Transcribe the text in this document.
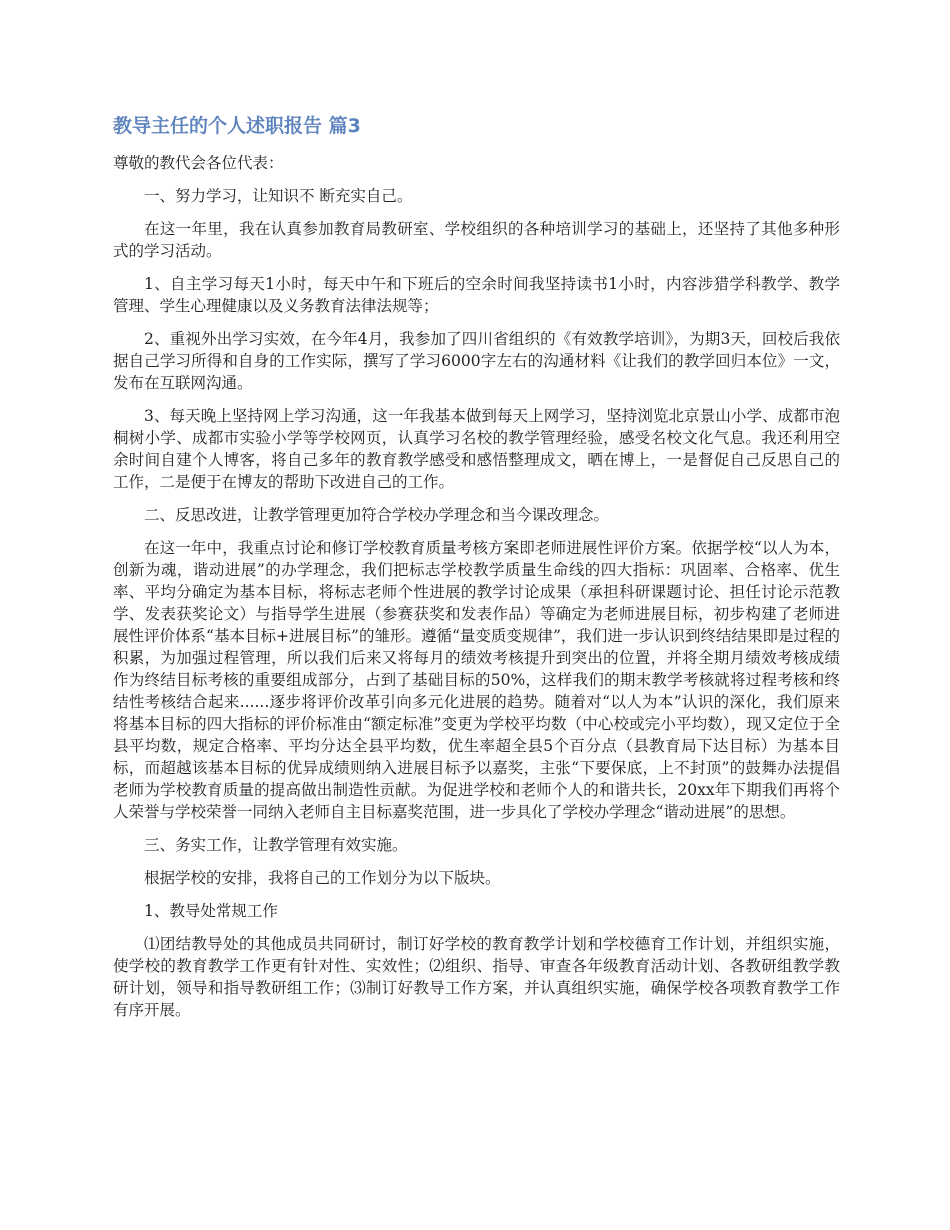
教导主任的个人述职报告 篇3

尊敬的教代会各位代表：

一、努力学习，让知识不 断充实自己。

在这一年里，我在认真参加教育局教研室、学校组织的各种培训学习的基础上，还坚持了其他多种形式的学习活动。

1、自主学习每天1小时，每天中午和下班后的空余时间我坚持读书1小时，内容涉猎学科教学、教学管理、学生心理健康以及义务教育法律法规等；

2、重视外出学习实效，在今年4月，我参加了四川省组织的《有效教学培训》，为期3天，回校后我依据自己学习所得和自身的工作实际，撰写了学习6000字左右的沟通材料《让我们的教学回归本位》一文，发布在互联网沟通。

3、每天晚上坚持网上学习沟通，这一年我基本做到每天上网学习，坚持浏览北京景山小学、成都市泡桐树小学、成都市实验小学等学校网页，认真学习名校的教学管理经验，感受名校文化气息。我还利用空余时间自建个人博客，将自己多年的教育教学感受和感悟整理成文，晒在博上，一是督促自己反思自己的工作，二是便于在博友的帮助下改进自己的工作。

二、反思改进，让教学管理更加符合学校办学理念和当今课改理念。

在这一年中，我重点讨论和修订学校教育质量考核方案即老师进展性评价方案。依据学校“以人为本，创新为魂，谐动进展”的办学理念，我们把标志学校教学质量生命线的四大指标：巩固率、合格率、优生率、平均分确定为基本目标，将标志老师个性进展的教学讨论成果（承担科研课题讨论、担任讨论示范教学、发表获奖论文）与指导学生进展（参赛获奖和发表作品）等确定为老师进展目标，初步构建了老师进展性评价体系“基本目标+进展目标”的雏形。遵循“量变质变规律”，我们进一步认识到终结结果即是过程的积累，为加强过程管理，所以我们后来又将每月的绩效考核提升到突出的位置，并将全期月绩效考核成绩作为终结目标考核的重要组成部分，占到了基础目标的50%，这样我们的期末教学考核就将过程考核和终结性考核结合起来......逐步将评价改革引向多元化进展的趋势。随着对“以人为本”认识的深化，我们原来将基本目标的四大指标的评价标准由“额定标准”变更为学校平均数（中心校或完小平均数），现又定位于全县平均数，规定合格率、平均分达全县平均数，优生率超全县5个百分点（县教育局下达目标）为基本目标，而超越该基本目标的优异成绩则纳入进展目标予以嘉奖，主张“下要保底，上不封顶”的鼓舞办法提倡老师为学校教育质量的提高做出制造性贡献。为促进学校和老师个人的和谐共长，20xx年下期我们再将个人荣誉与学校荣誉一同纳入老师自主目标嘉奖范围，进一步具化了学校办学理念“谐动进展”的思想。

三、务实工作，让教学管理有效实施。

根据学校的安排，我将自己的工作划分为以下版块。

1、教导处常规工作

⑴团结教导处的其他成员共同研讨，制订好学校的教育教学计划和学校德育工作计划，并组织实施，使学校的教育教学工作更有针对性、实效性；⑵组织、指导、审查各年级教育活动计划、各教研组教学教研计划，领导和指导教研组工作；⑶制订好教导工作方案，并认真组织实施，确保学校各项教育教学工作有序开展。
